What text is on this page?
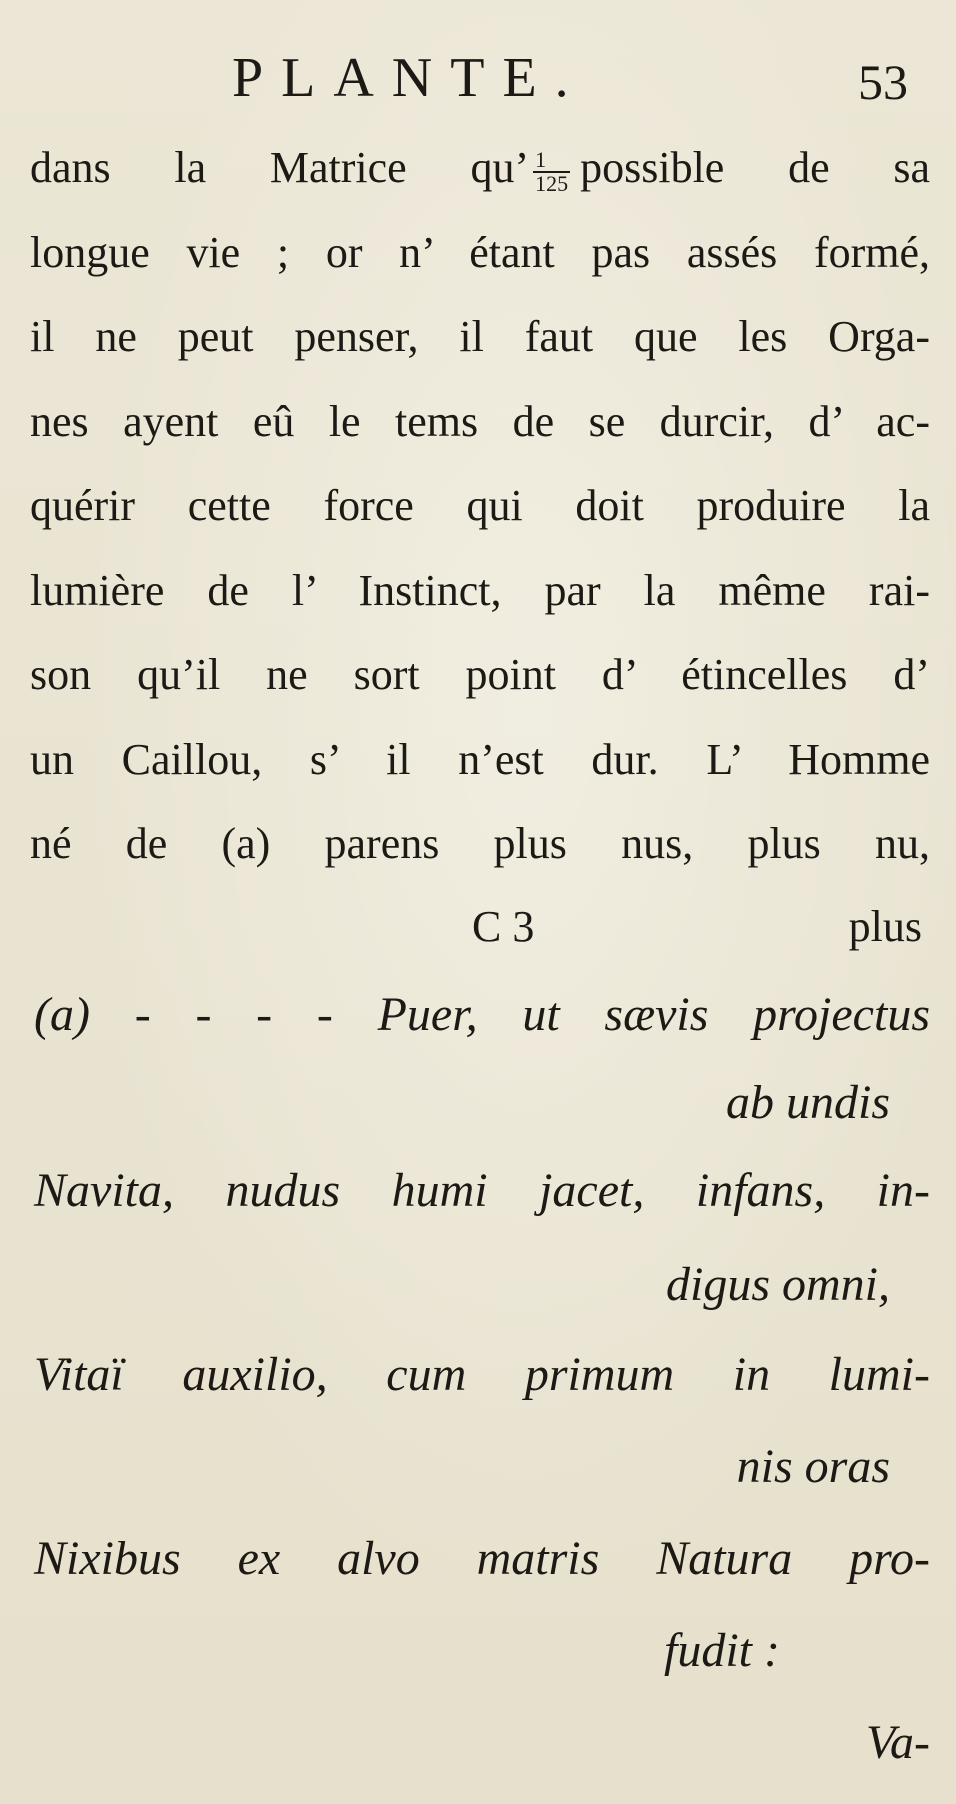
PLANTE.	53
dans la Matrice qu’ $\frac{1}{125}$ possible de sa
longue vie ; or n’ étant pas assés formé,
il ne peut penser, il faut que les Orga-
nes ayent eû le tems de se durcir, d’ ac-
quérir cette force qui doit produire la
lumière de l’ Instinct, par la même rai-
son qu’il ne sort point d’ étincelles d’
un Caillou, s’ il n’est dur. L’ Homme
né de (a) parens plus nus, plus nu,
C 3	plus
(a) - - - - Puer, ut sævis projectus
ab undis
Navita, nudus humi jacet, infans, in-
digus omni,
Vitaï auxilio, cum primum in lumi-
nis oras
Nixibus ex alvo matris Natura pro-
fudit :
Va-
